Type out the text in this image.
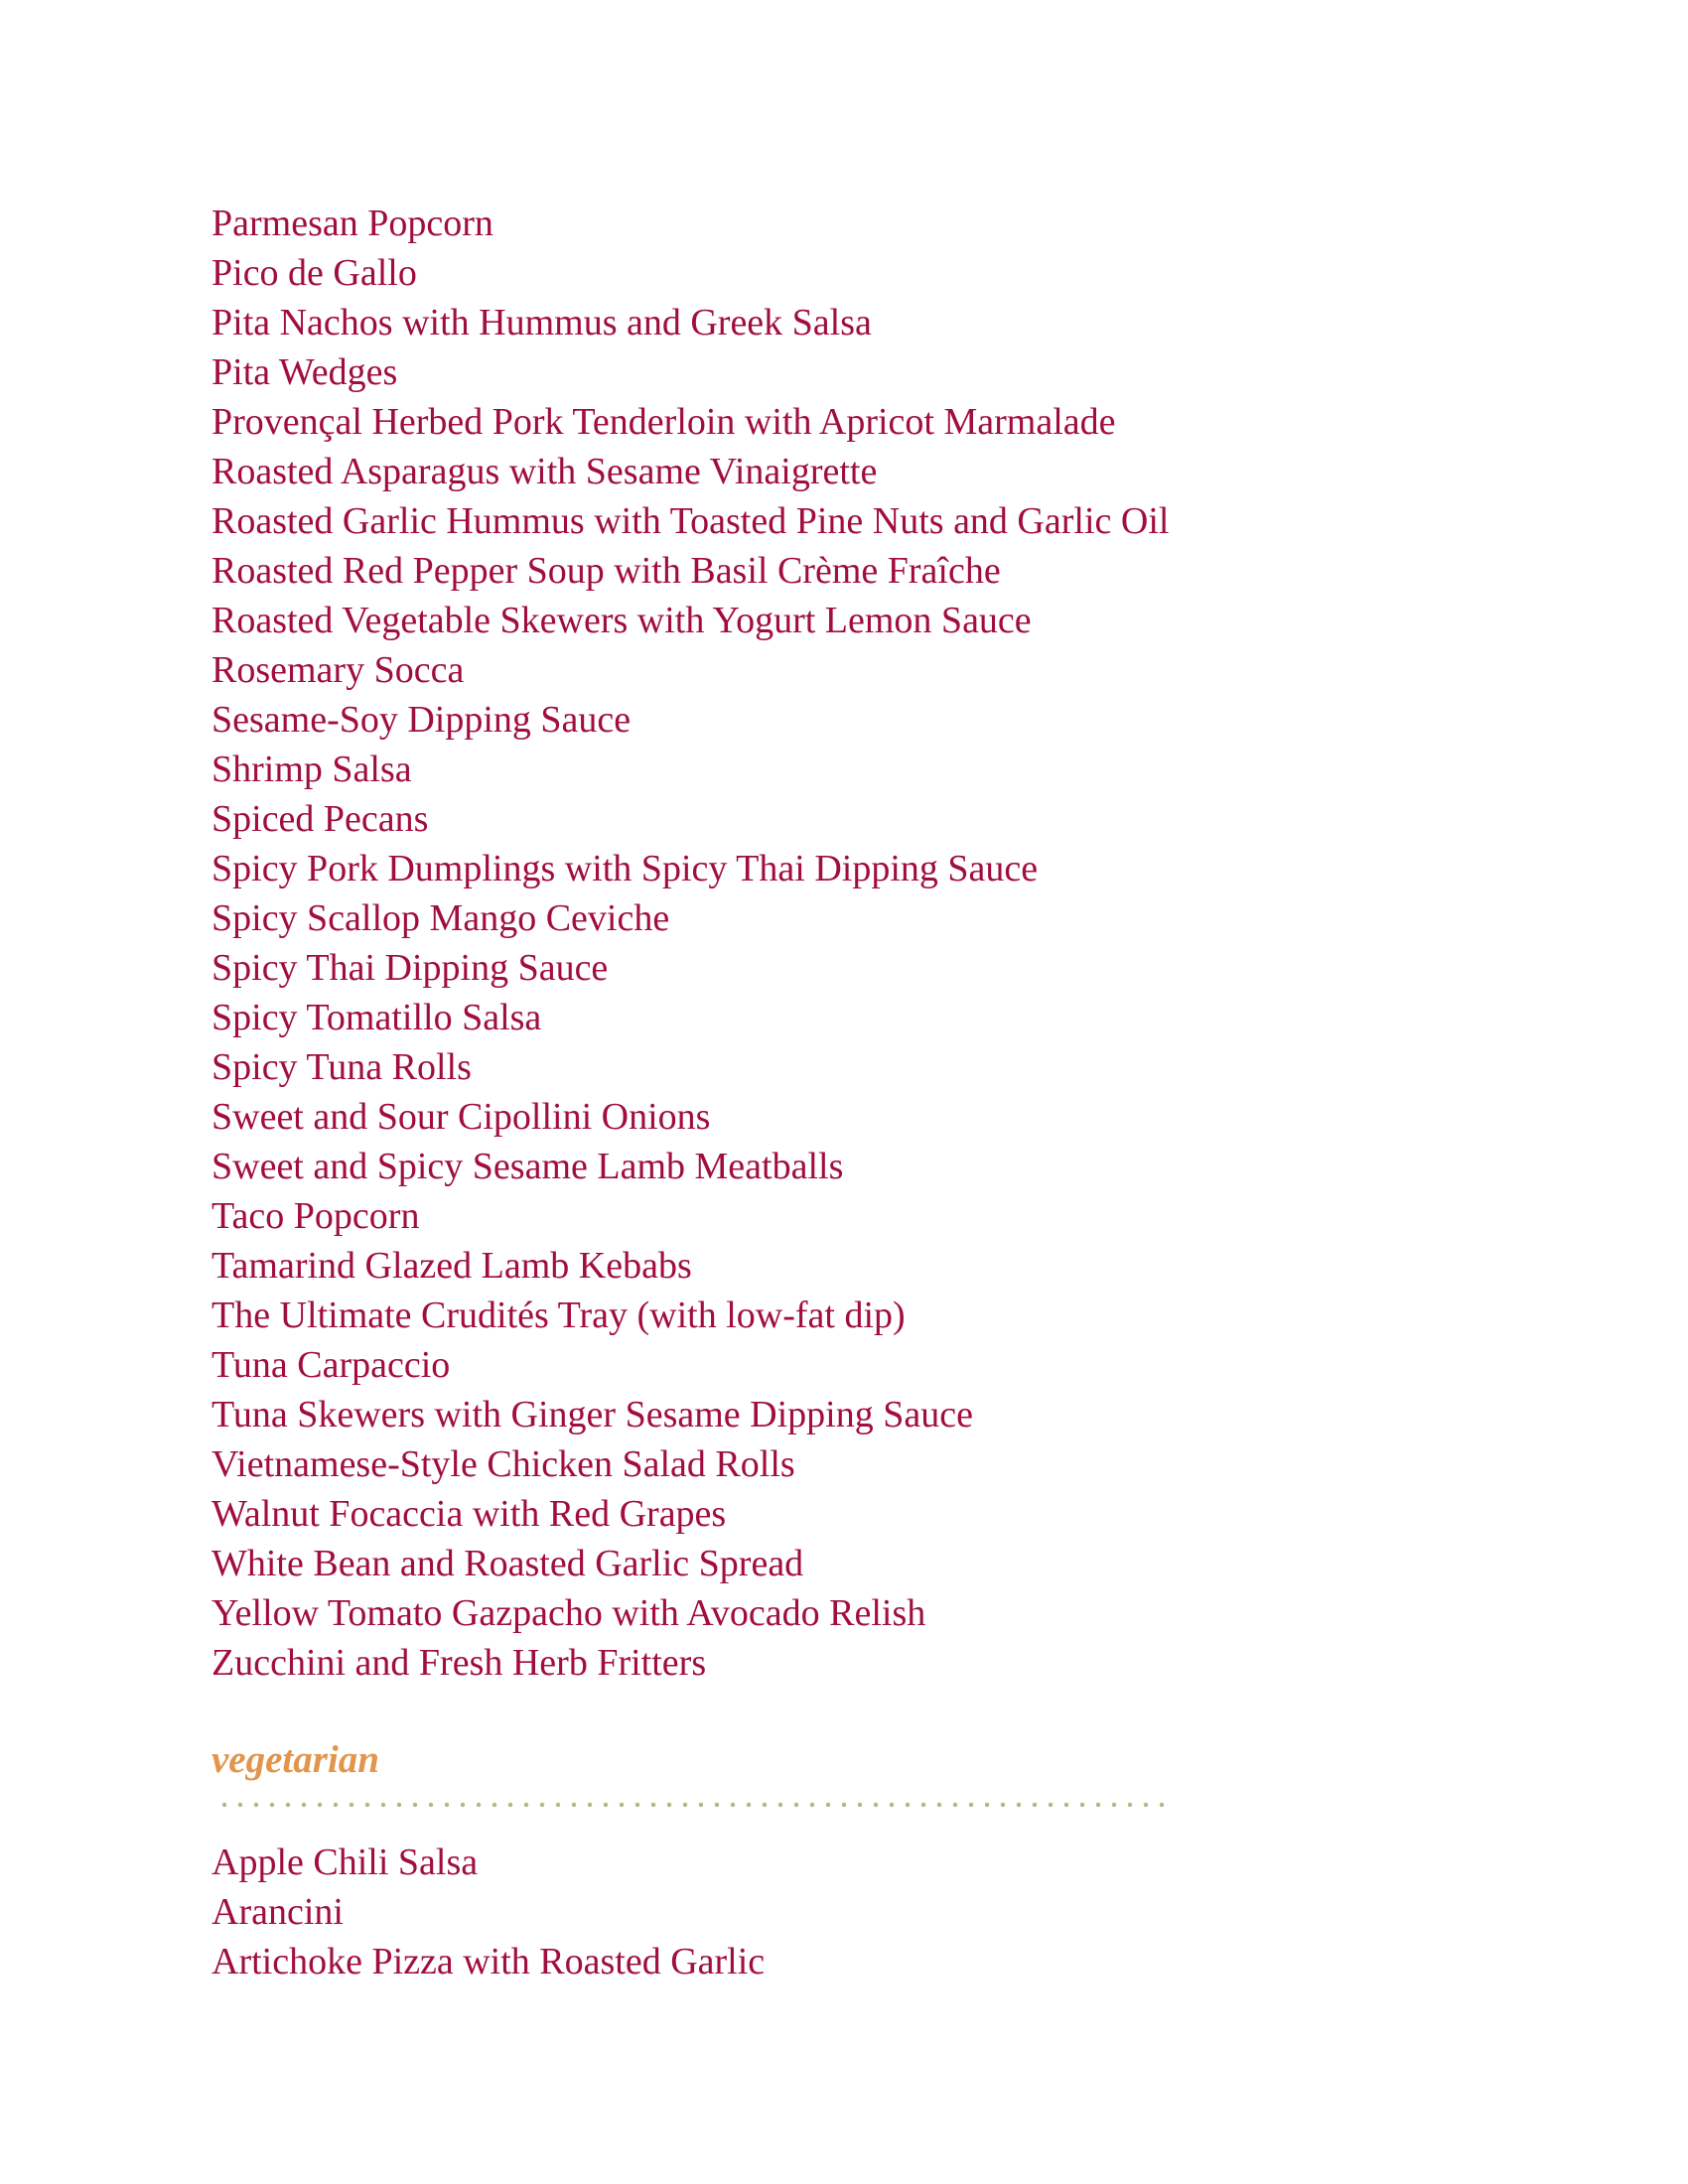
Parmesan Popcorn
Pico de Gallo
Pita Nachos with Hummus and Greek Salsa
Pita Wedges
Provençal Herbed Pork Tenderloin with Apricot Marmalade
Roasted Asparagus with Sesame Vinaigrette
Roasted Garlic Hummus with Toasted Pine Nuts and Garlic Oil
Roasted Red Pepper Soup with Basil Crème Fraîche
Roasted Vegetable Skewers with Yogurt Lemon Sauce
Rosemary Socca
Sesame-Soy Dipping Sauce
Shrimp Salsa
Spiced Pecans
Spicy Pork Dumplings with Spicy Thai Dipping Sauce
Spicy Scallop Mango Ceviche
Spicy Thai Dipping Sauce
Spicy Tomatillo Salsa
Spicy Tuna Rolls
Sweet and Sour Cipollini Onions
Sweet and Spicy Sesame Lamb Meatballs
Taco Popcorn
Tamarind Glazed Lamb Kebabs
The Ultimate Crudités Tray (with low-fat dip)
Tuna Carpaccio
Tuna Skewers with Ginger Sesame Dipping Sauce
Vietnamese-Style Chicken Salad Rolls
Walnut Focaccia with Red Grapes
White Bean and Roasted Garlic Spread
Yellow Tomato Gazpacho with Avocado Relish
Zucchini and Fresh Herb Fritters
vegetarian
Apple Chili Salsa
Arancini
Artichoke Pizza with Roasted Garlic
